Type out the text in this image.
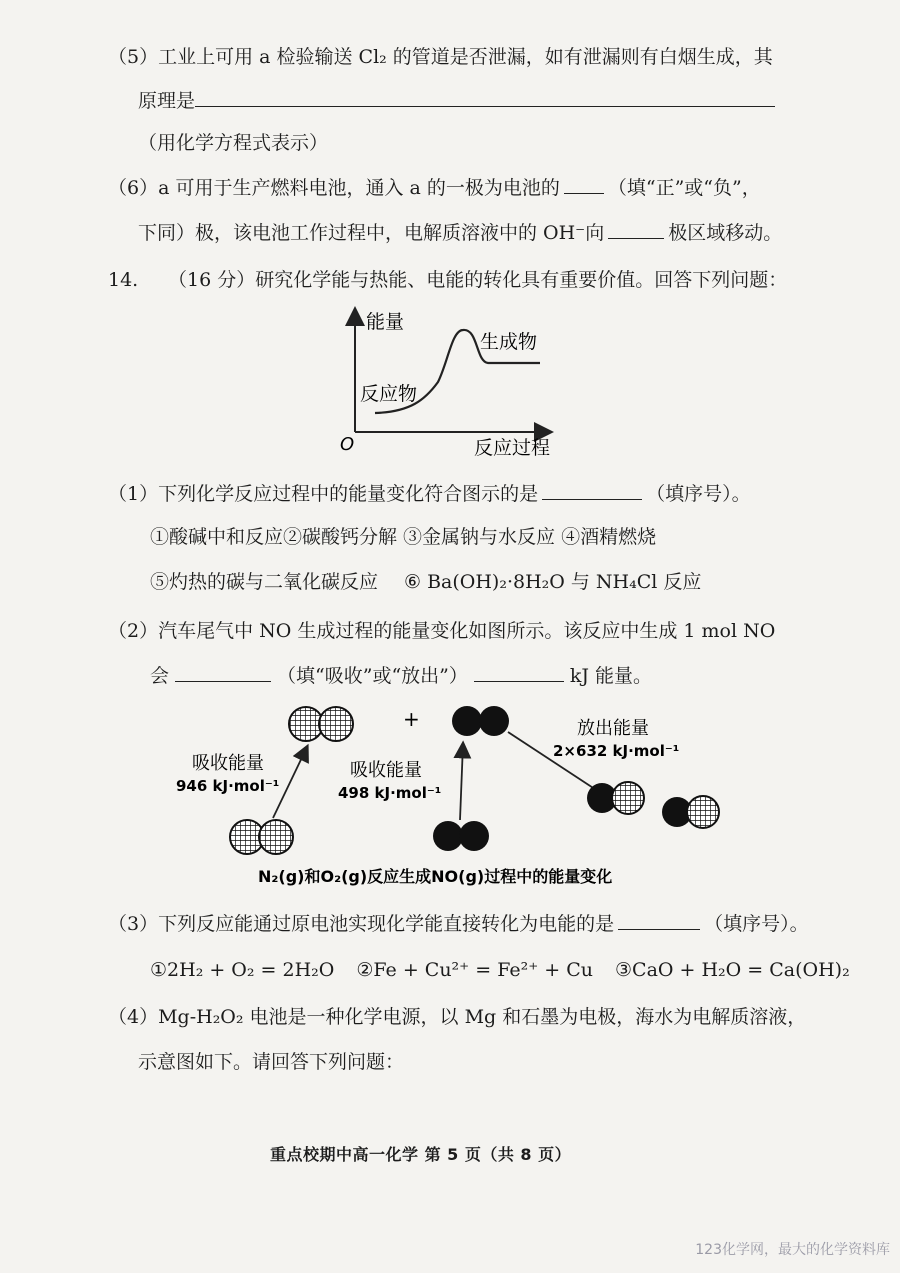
（5）工业上可用 a 检验输送 Cl₂ 的管道是否泄漏，如有泄漏则有白烟生成，其
原理是
（用化学方程式表示）
（6）a 可用于生产燃料电池，通入 a 的一极为电池的	（填“正”或“负”，
下同）极，该电池工作过程中，电解质溶液中的 OH⁻向	极区域移动。
14. （16 分）研究化学能与热能、电能的转化具有重要价值。回答下列问题：
能量
O	反应过程
反应物
生成物
（1）下列化学反应过程中的能量变化符合图示的是	（填序号）。
①酸碱中和反应②碳酸钙分解 ③金属钠与水反应 ④酒精燃烧
⑤灼热的碳与二氧化碳反应 ⑥ Ba(OH)₂·8H₂O 与 NH₄Cl 反应
（2）汽车尾气中 NO 生成过程的能量变化如图所示。该反应中生成 1 mol NO
会	（填“吸收”或“放出”）	kJ 能量。
+	放出能量
2×632 kJ·mol⁻¹
吸收能量
946 kJ·mol⁻¹
吸收能量
498 kJ·mol⁻¹
N₂(g)和O₂(g)反应生成NO(g)过程中的能量变化
（3）下列反应能通过原电池实现化学能直接转化为电能的是	（填序号）。
①2H₂ + O₂ = 2H₂O ②Fe + Cu²⁺ = Fe²⁺ + Cu ③CaO + H₂O = Ca(OH)₂
（4）Mg-H₂O₂ 电池是一种化学电源，以 Mg 和石墨为电极，海水为电解质溶液，
示意图如下。请回答下列问题：
重点校期中高一化学 第 5 页（共 8 页）
123化学网，最大的化学资料库
